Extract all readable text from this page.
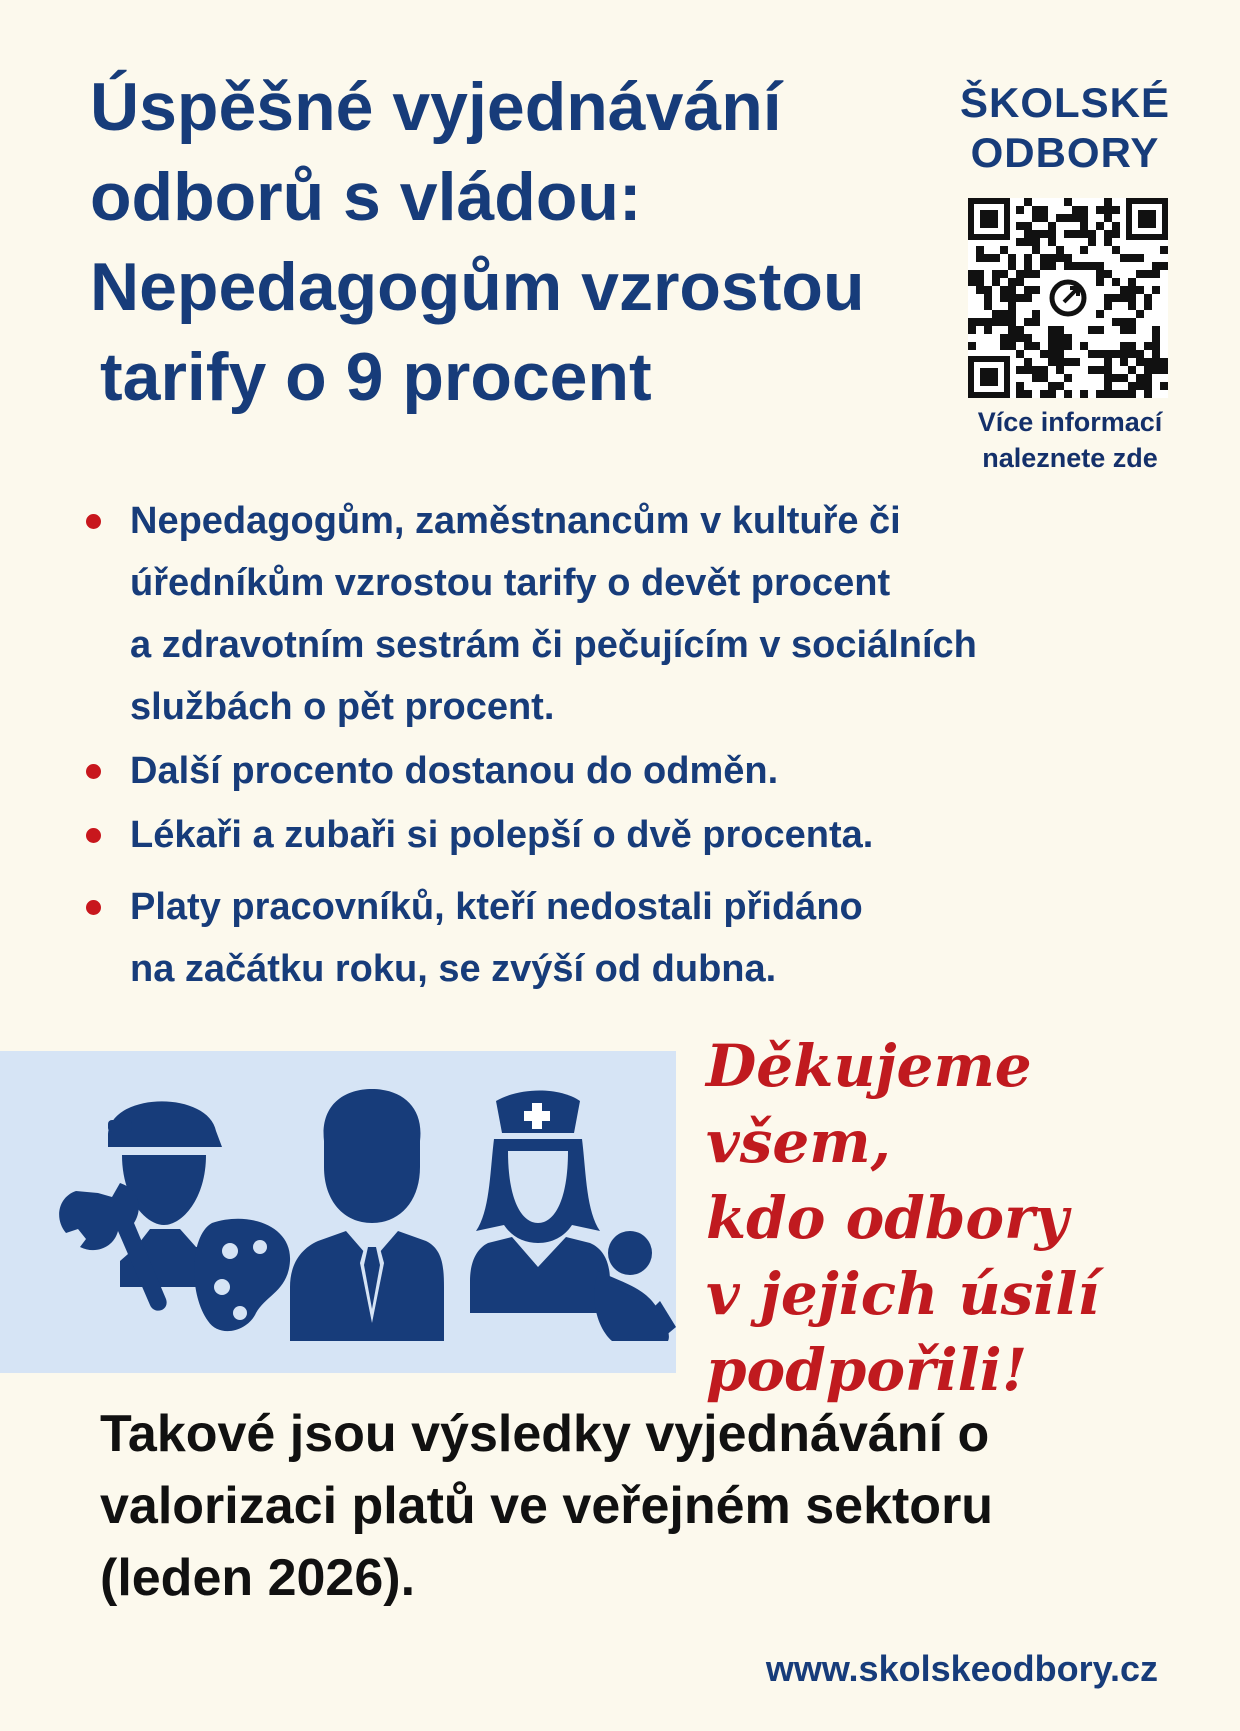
Úspěšné vyjednávání
odborů s vládou:
Nepedagogům vzrostou
tarify o 9 procent
ŠKOLSKÉ
ODBORY
Více informací
naleznete zde
Nepedagogům, zaměstnancům v kultuře či
úředníkům vzrostou tarify o devět procent
a zdravotním sestrám či pečujícím v sociálních
službách o pět procent.
Další procento dostanou do odměn.
Lékaři a zubaři si polepší o dvě procenta.
Platy pracovníků, kteří nedostali přidáno
na začátku roku, se zvýší od dubna.
Děkujeme všem,
kdo odbory
v jejich úsilí
podpořili!
Takové jsou výsledky vyjednávání o
valorizaci platů ve veřejném sektoru
(leden 2026).
www.skolskeodbory.cz
